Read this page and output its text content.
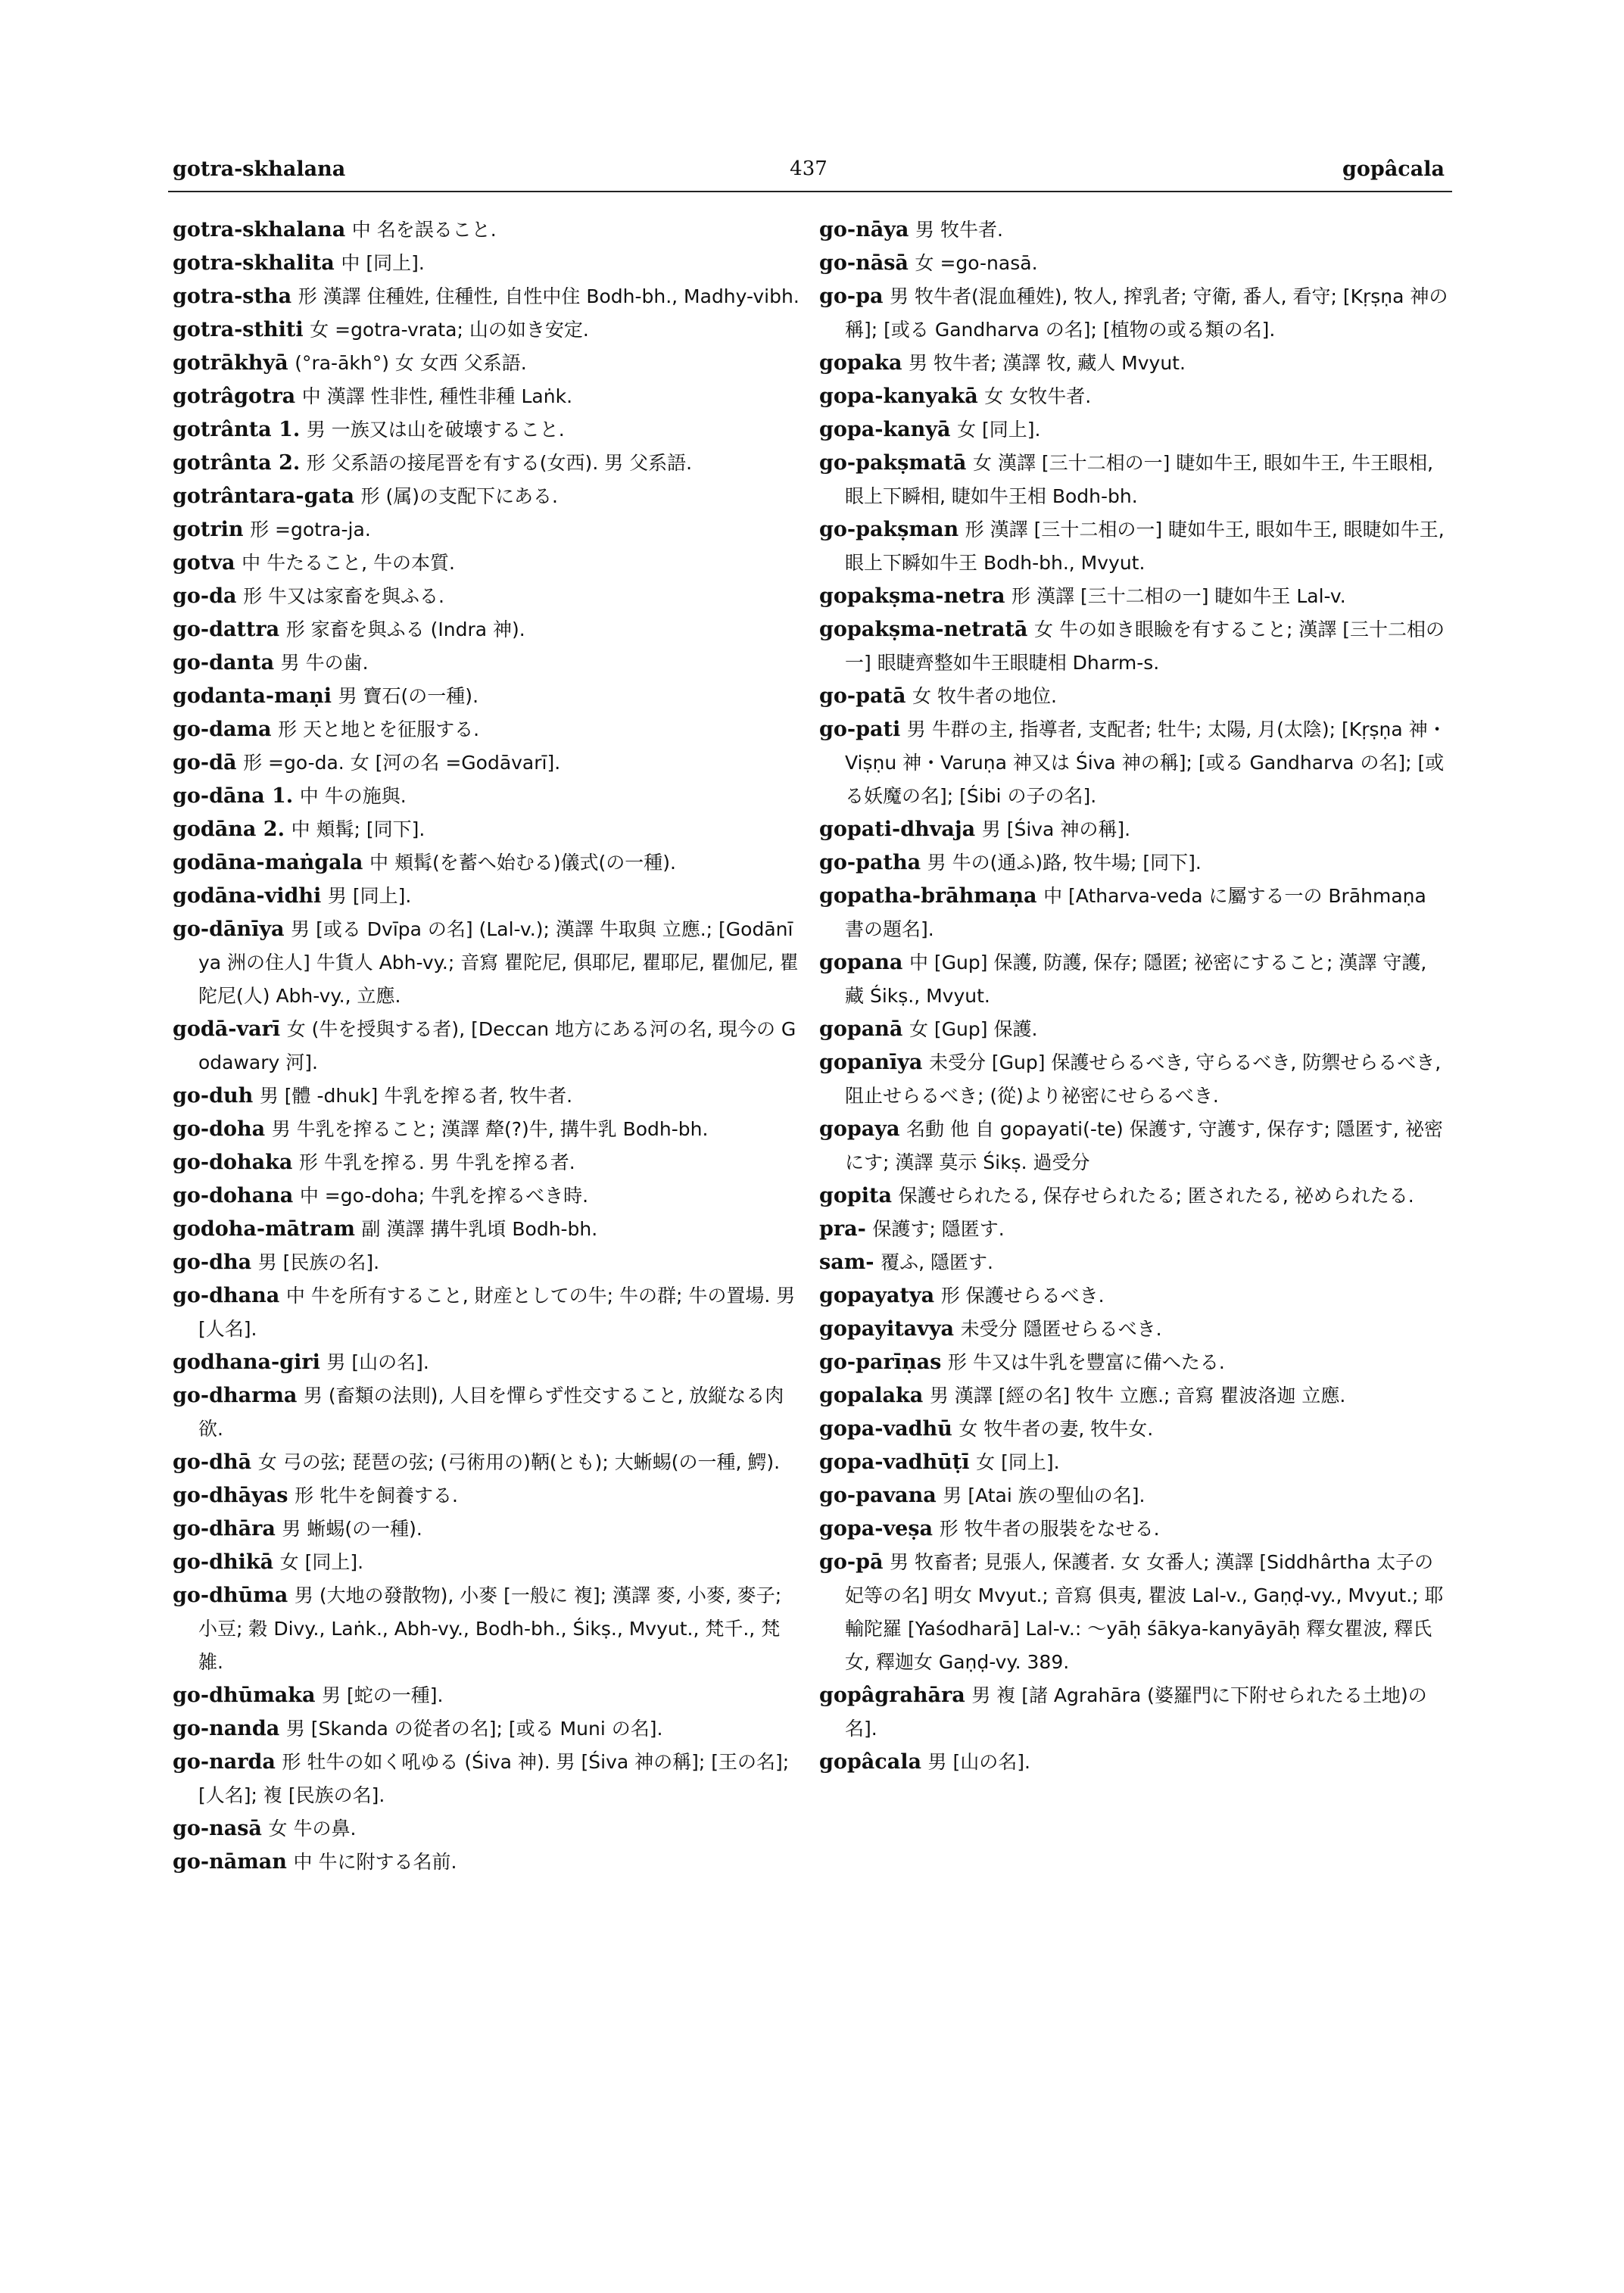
gotra-skhalana	437	gopâcala

gotra-skhalana 中 名を誤ること.

gotra-skhalita 中 [同上].

gotra-stha 形 漢譯 住種姓, 住種性, 自性中住 Bodh-bh., Madhy-vibh.

gotra-sthiti 女 =gotra-vrata; 山の如き安定.

gotrākhyā (°ra-ākh°) 女 女西 父系語.

gotrâgotra 中 漢譯 性非性, 種性非種 Laṅk.

gotrânta 1. 男 一族又は山を破壊すること.

gotrânta 2. 形 父系語の接尾晋を有する(女西). 男 父系語.

gotrântara-gata 形 (属)の支配下にある.

gotrin 形 =gotra-ja.

gotva 中 牛たること, 牛の本質.

go-da 形 牛又は家畜を與ふる.

go-dattra 形 家畜を與ふる (Indra 神).

go-danta 男 牛の歯.

godanta-maṇi 男 寶石(の一種).

go-dama 形 天と地とを征服する.

go-dā 形 =go-da. 女 [河の名 =Godāvarī].

go-dāna 1. 中 牛の施與.

godāna 2. 中 頬髯; [同下].

godāna-maṅgala 中 頬髯(を蓄へ始むる)儀式(の一種).

godāna-vidhi 男 [同上].

go-dānīya 男 [或る Dvīpa の名] (Lal-v.); 漢譯 牛取與 立應.; [Godānīya 洲の住人] 牛貨人 Abh-vy.; 音寫 瞿陀尼, 俱耶尼, 瞿耶尼, 瞿伽尼, 瞿陀尼(人) Abh-vy., 立應.

godā-varī 女 (牛を授與する者), [Deccan 地方にある河の名, 現今の Godawary 河].

go-duh 男 [體 -dhuk] 牛乳を搾る者, 牧牛者.

go-doha 男 牛乳を搾ること; 漢譯 犛(?)牛, 搆牛乳 Bodh-bh.

go-dohaka 形 牛乳を搾る. 男 牛乳を搾る者.

go-dohana 中 =go-doha; 牛乳を搾るべき時.

godoha-mātram 副 漢譯 搆牛乳頃 Bodh-bh.

go-dha 男 [民族の名].

go-dhana 中 牛を所有すること, 財産としての牛; 牛の群; 牛の置場. 男 [人名].

godhana-giri 男 [山の名].

go-dharma 男 (畜類の法則), 人目を憚らず性交すること, 放縦なる肉欲.

go-dhā 女 弓の弦; 琵琶の弦; (弓術用の)鞆(とも); 大蜥蜴(の一種, 鰐).

go-dhāyas 形 牝牛を飼養する.

go-dhāra 男 蜥蜴(の一種).

go-dhikā 女 [同上].

go-dhūma 男 (大地の發散物), 小麥 [一般に 複]; 漢譯 麥, 小麥, 麥子; 小豆; 穀 Divy., Laṅk., Abh-vy., Bodh-bh., Śikṣ., Mvyut., 梵千., 梵雑.

go-dhūmaka 男 [蛇の一種].

go-nanda 男 [Skanda の從者の名]; [或る Muni の名].

go-narda 形 牡牛の如く吼ゆる (Śiva 神). 男 [Śiva 神の稱]; [王の名]; [人名]; 複 [民族の名].

go-nasā 女 牛の鼻.

go-nāman 中 牛に附する名前.

go-nāya 男 牧牛者.

go-nāsā 女 =go-nasā.

go-pa 男 牧牛者(混血種姓), 牧人, 搾乳者; 守衛, 番人, 看守; [Kṛṣṇa 神の稱]; [或る Gandharva の名]; [植物の或る類の名].

gopaka 男 牧牛者; 漢譯 牧, 藏人 Mvyut.

gopa-kanyakā 女 女牧牛者.

gopa-kanyā 女 [同上].

go-pakṣmatā 女 漢譯 [三十二相の一] 睫如牛王, 眼如牛王, 牛王眼相, 眼上下瞬相, 睫如牛王相 Bodh-bh.

go-pakṣman 形 漢譯 [三十二相の一] 睫如牛王, 眼如牛王, 眼睫如牛王, 眼上下瞬如牛王 Bodh-bh., Mvyut.

gopakṣma-netra 形 漢譯 [三十二相の一] 睫如牛王 Lal-v.

gopakṣma-netratā 女 牛の如き眼瞼を有すること; 漢譯 [三十二相の一] 眼睫齊整如牛王眼睫相 Dharm-s.

go-patā 女 牧牛者の地位.

go-pati 男 牛群の主, 指導者, 支配者; 牡牛; 太陽, 月(太陰); [Kṛṣṇa 神・Viṣṇu 神・Varuṇa 神又は Śiva 神の稱]; [或る Gandharva の名]; [或る妖魔の名]; [Śibi の子の名].

gopati-dhvaja 男 [Śiva 神の稱].

go-patha 男 牛の(通ふ)路, 牧牛場; [同下].

gopatha-brāhmaṇa 中 [Atharva-veda に屬する一の Brāhmaṇa 書の題名].

gopana 中 [Gup] 保護, 防護, 保存; 隱匿; 祕密にすること; 漢譯 守護, 藏 Śikṣ., Mvyut.

gopanā 女 [Gup] 保護.

gopanīya 未受分 [Gup] 保護せらるべき, 守らるべき, 防禦せらるべき, 阻止せらるべき; (從)より祕密にせらるべき.

gopaya 名動 他 自 gopayati(-te) 保護す, 守護す, 保存す; 隱匿す, 祕密にす; 漢譯 莫示 Śikṣ. 過受分

gopita 保護せられたる, 保存せられたる; 匿されたる, 祕められたる.

pra- 保護す; 隱匿す.

sam- 覆ふ, 隱匿す.

gopayatya 形 保護せらるべき.

gopayitavya 未受分 隱匿せらるべき.

go-parīṇas 形 牛又は牛乳を豐富に備へたる.

gopalaka 男 漢譯 [經の名] 牧牛 立應.; 音寫 瞿波洛迦 立應.

gopa-vadhū 女 牧牛者の妻, 牧牛女.

gopa-vadhūṭī 女 [同上].

go-pavana 男 [Atai 族の聖仙の名].

gopa-veṣa 形 牧牛者の服裝をなせる.

go-pā 男 牧畜者; 見張人, 保護者. 女 女番人; 漢譯 [Siddhârtha 太子の妃等の名] 明女 Mvyut.; 音寫 俱夷, 瞿波 Lal-v., Gaṇḍ-vy., Mvyut.; 耶輸陀羅 [Yaśodharā] Lal-v.: ～yāḥ śākya-kanyāyāḥ 釋女瞿波, 釋氏女, 釋迦女 Gaṇḍ-vy. 389.

gopâgrahāra 男 複 [諸 Agrahāra (婆羅門に下附せられたる土地)の名].

gopâcala 男 [山の名].
